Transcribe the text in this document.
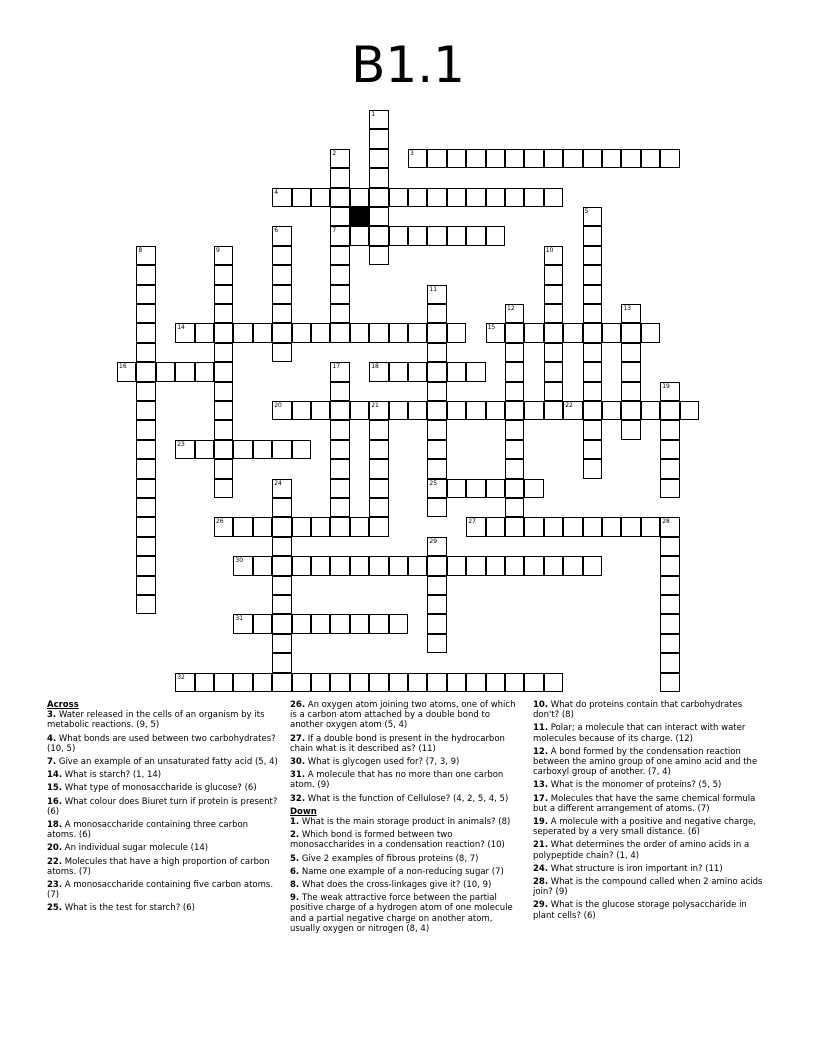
B1.1
3
4
7
14	15
16	18
20	21	22
23
25
26	27	28
30
31
32
1
2
5
6
8	9	10
11
12	13
17
19
24
29

Across

3. Water released in the cells of an organism by its metabolic reactions. (9, 5)

4. What bonds are used between two carbohydrates? (10, 5)

7. Give an example of an unsaturated fatty acid (5, 4)

14. What is starch? (1, 14)

15. What type of monosaccharide is glucose? (6)

16. What colour does Biuret turn if protein is present? (6)

18. A monosaccharide containing three carbon atoms. (6)

20. An individual sugar molecule (14)

22. Molecules that have a high proportion of carbon atoms. (7)

23. A monosaccharide containing five carbon atoms. (7)

25. What is the test for starch? (6)

26. An oxygen atom joining two atoms, one of which is a carbon atom attached by a double bond to another oxygen atom (5, 4)

27. If a double bond is present in the hydrocarbon chain what is it described as? (11)

30. What is glycogen used for? (7, 3, 9)

31. A molecule that has no more than one carbon atom. (9)

32. What is the function of Cellulose? (4, 2, 5, 4, 5)

Down

1. What is the main storage product in animals? (8)

2. Which bond is formed between two monosaccharides in a condensation reaction? (10)

5. Give 2 examples of fibrous proteins (8, 7)

6. Name one example of a non-reducing sugar (7)

8. What does the cross-linkages give it? (10, 9)

9. The weak attractive force between the partial positive charge of a hydrogen atom of one molecule and a partial negative charge on another atom, usually oxygen or nitrogen (8, 4)

10. What do proteins contain that carbohydrates don't? (8)

11. Polar; a molecule that can interact with water molecules because of its charge. (12)

12. A bond formed by the condensation reaction between the amino group of one amino acid and the carboxyl group of another. (7, 4)

13. What is the monomer of proteins? (5, 5)

17. Molecules that have the same chemical formula but a different arrangement of atoms. (7)

19. A molecule with a positive and negative charge, seperated by a very small distance. (6)

21. What determines the order of amino acids in a polypeptide chain? (1, 4)

24. What structure is iron important in? (11)

28. What is the compound called when 2 amino acids join? (9)

29. What is the glucose storage polysaccharide in plant cells? (6)
